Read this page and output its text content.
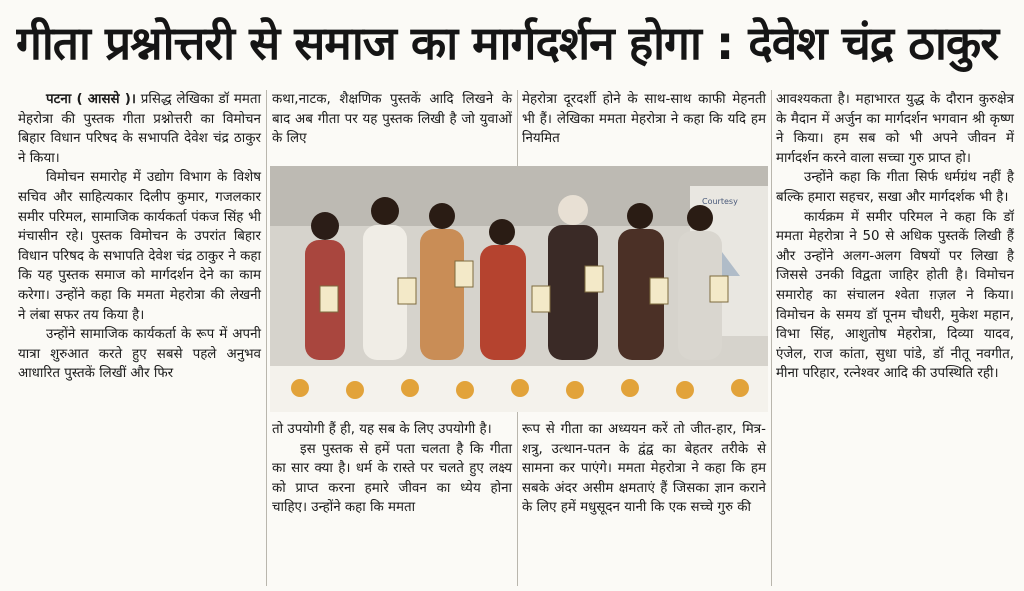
गीता प्रश्नोत्तरी से समाज का मार्गदर्शन होगा : देवेश चंद्र ठाकुर

पटना ( आससे )। प्रसिद्ध लेखिका डॉ ममता मेहरोत्रा की पुस्तक गीता प्रश्नोत्तरी का विमोचन बिहार विधान परिषद के सभापति देवेश चंद्र ठाकुर ने किया।

विमोचन समारोह में उद्योग विभाग के विशेष सचिव और साहित्यकार दिलीप कुमार, गजलकार समीर परिमल, सामाजिक कार्यकर्ता पंकज सिंह भी मंचासीन रहे। पुस्तक विमोचन के उपरांत बिहार विधान परिषद के सभापति देवेश चंद्र ठाकुर ने कहा कि यह पुस्तक समाज को मार्गदर्शन देने का काम करेगा। उन्होंने कहा कि ममता मेहरोत्रा की लेखनी ने लंबा सफर तय किया है।

उन्होंने सामाजिक कार्यकर्ता के रूप में अपनी यात्रा शुरुआत करते हुए सबसे पहले अनुभव आधारित पुस्तकें लिखीं और फिर

कथा,नाटक, शैक्षणिक पुस्तकें आदि लिखने के बाद अब गीता पर यह पुस्तक लिखी है जो युवाओं के लिए

मेहरोत्रा दूरदर्शी होने के साथ-साथ काफी मेहनती भी हैं। लेखिका ममता मेहरोत्रा ने कहा कि यदि हम नियमित

Courtesy

तो उपयोगी हैं ही, यह सब के लिए उपयोगी है।

इस पुस्तक से हमें पता चलता है कि गीता का सार क्या है। धर्म के रास्ते पर चलते हुए लक्ष्य को प्राप्त करना हमारे जीवन का ध्येय होना चाहिए। उन्होंने कहा कि ममता

रूप से गीता का अध्ययन करें तो जीत-हार, मित्र-शत्रु, उत्थान-पतन के द्वंद्व का बेहतर तरीके से सामना कर पाएंगे। ममता मेहरोत्रा ने कहा कि हम सबके अंदर असीम क्षमताएं हैं जिसका ज्ञान कराने के लिए हमें मधुसूदन यानी कि एक सच्चे गुरु की

आवश्यकता है। महाभारत युद्ध के दौरान कुरुक्षेत्र के मैदान में अर्जुन का मार्गदर्शन भगवान श्री कृष्ण ने किया। हम सब को भी अपने जीवन में मार्गदर्शन करने वाला सच्चा गुरु प्राप्त हो।

उन्होंने कहा कि गीता सिर्फ धर्मग्रंथ नहीं है बल्कि हमारा सहचर, सखा और मार्गदर्शक भी है।

कार्यक्रम में समीर परिमल ने कहा कि डॉ ममता मेहरोत्रा ने 50 से अधिक पुस्तकें लिखी हैं और उन्होंने अलग-अलग विषयों पर लिखा है जिससे उनकी विद्वता जाहिर होती है। विमोचन समारोह का संचालन श्वेता ग़ज़ल ने किया। विमोचन के समय डॉ पूनम चौधरी, मुकेश महान, विभा सिंह, आशुतोष मेहरोत्रा, दिव्या यादव, एंजेल, राज कांता, सुधा पांडे, डॉ नीतू नवगीत, मीना परिहार, रत्नेश्वर आदि की उपस्थिति रही।
